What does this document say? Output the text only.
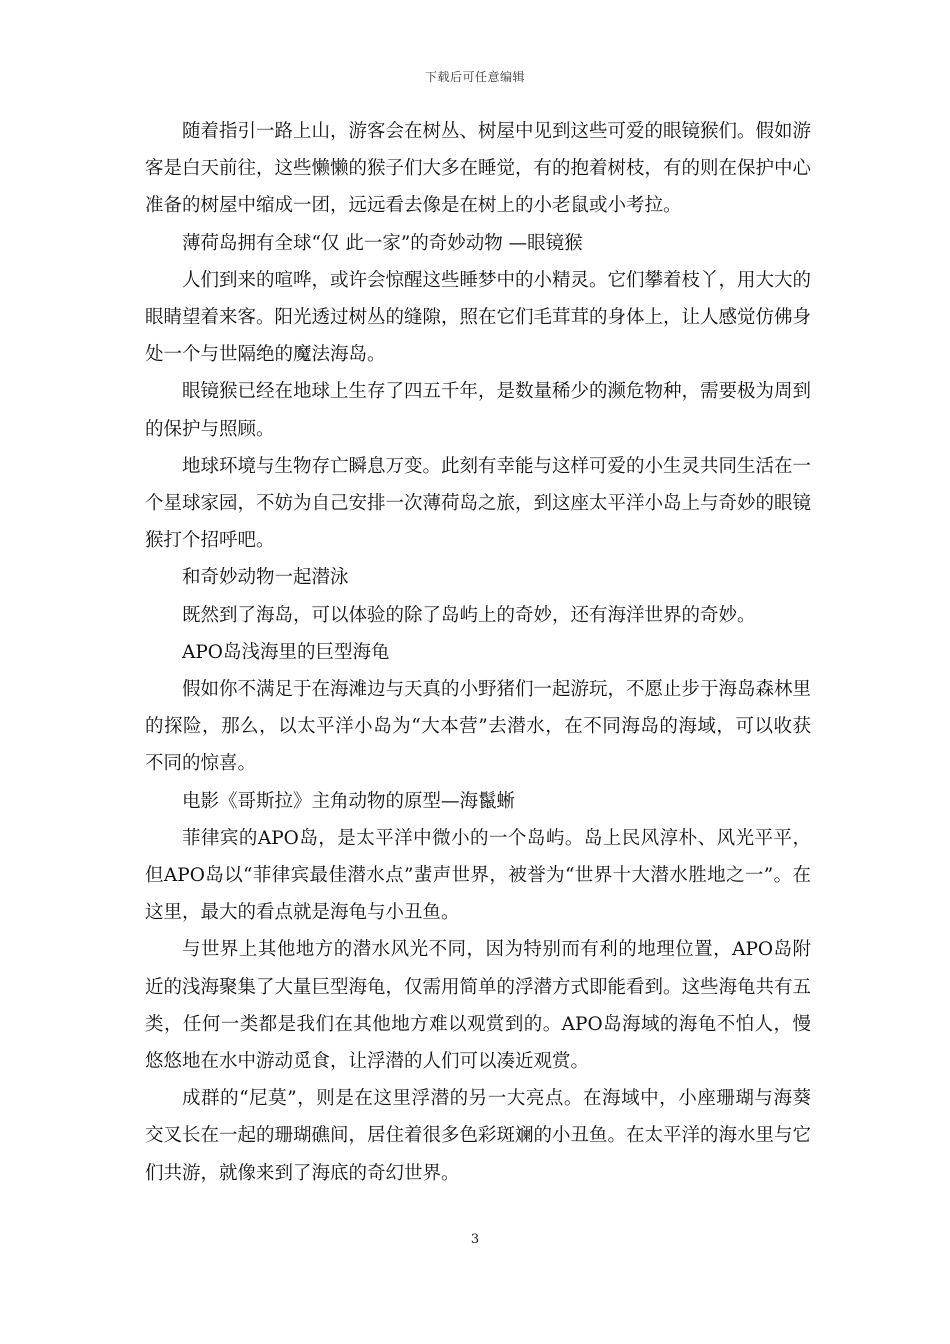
下载后可任意编辑

随着指引一路上山，游客会在树丛、树屋中见到这些可爱的眼镜猴们。假如游客是白天前往，这些懒懒的猴子们大多在睡觉，有的抱着树枝，有的则在保护中心准备的树屋中缩成一团，远远看去像是在树上的小老鼠或小考拉。

薄荷岛拥有全球“仅 此一家”的奇妙动物 —眼镜猴

人们到来的喧哗，或许会惊醒这些睡梦中的小精灵。它们攀着枝丫，用大大的眼睛望着来客。阳光透过树丛的缝隙，照在它们毛茸茸的身体上，让人感觉仿佛身处一个与世隔绝的魔法海岛。

眼镜猴已经在地球上生存了四五千年，是数量稀少的濒危物种，需要极为周到的保护与照顾。

地球环境与生物存亡瞬息万变。此刻有幸能与这样可爱的小生灵共同生活在一个星球家园，不妨为自己安排一次薄荷岛之旅，到这座太平洋小岛上与奇妙的眼镜猴打个招呼吧。

和奇妙动物一起潜泳

既然到了海岛，可以体验的除了岛屿上的奇妙，还有海洋世界的奇妙。

APO岛浅海里的巨型海龟

假如你不满足于在海滩边与天真的小野猪们一起游玩，不愿止步于海岛森林里的探险，那么，以太平洋小岛为“大本营”去潜水，在不同海岛的海域，可以收获不同的惊喜。

电影《哥斯拉》主角动物的原型—海鬣蜥

菲律宾的APO岛，是太平洋中微小的一个岛屿。岛上民风淳朴、风光平平，但APO岛以“菲律宾最佳潜水点”蜚声世界，被誉为“世界十大潜水胜地之一”。在这里，最大的看点就是海龟与小丑鱼。

与世界上其他地方的潜水风光不同，因为特别而有利的地理位置，APO岛附近的浅海聚集了大量巨型海龟，仅需用简单的浮潜方式即能看到。这些海龟共有五类，任何一类都是我们在其他地方难以观赏到的。APO岛海域的海龟不怕人，慢悠悠地在水中游动觅食，让浮潜的人们可以凑近观赏。

成群的“尼莫”，则是在这里浮潜的另一大亮点。在海域中，小座珊瑚与海葵交叉长在一起的珊瑚礁间，居住着很多色彩斑斓的小丑鱼。在太平洋的海水里与它们共游，就像来到了海底的奇幻世界。

3
